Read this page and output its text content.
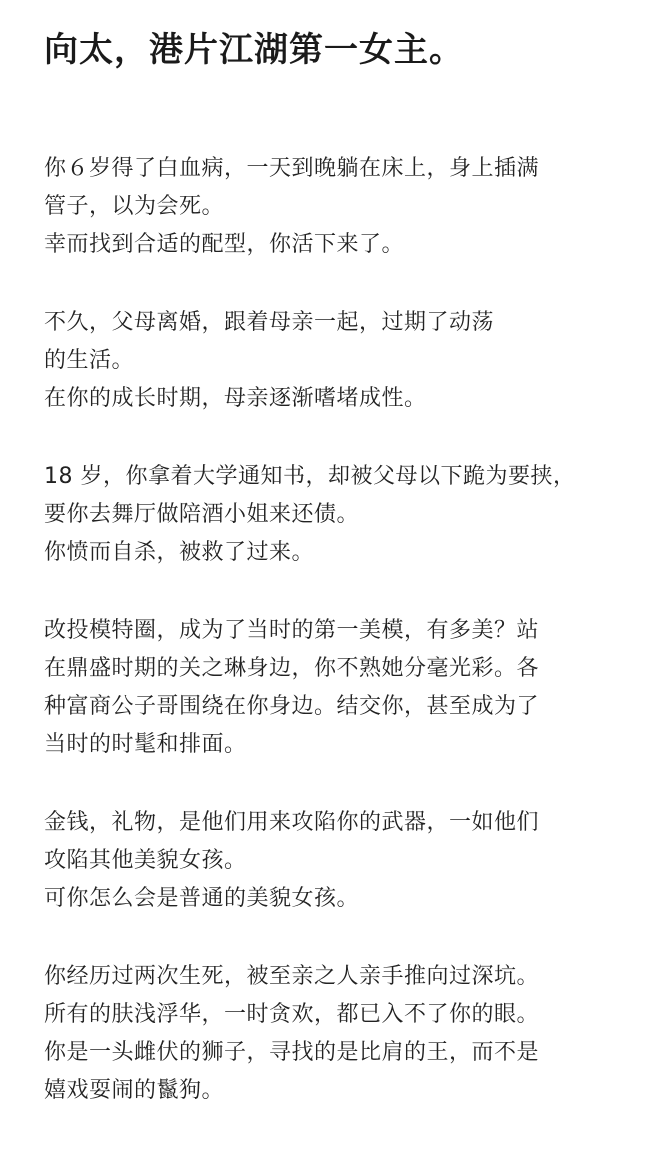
向太，港片江湖第一女主。
你６岁得了白血病，一天到晚躺在床上，身上插满
管子，以为会死。
幸而找到合适的配型，你活下来了。
不久，父母离婚，跟着母亲一起，过期了动荡
的生活。
在你的成长时期，母亲逐渐嗜堵成性。
18 岁，你拿着大学通知书，却被父母以下跪为要挟，
要你去舞厅做陪酒小姐来还债。
你愤而自杀，被救了过来。
改投模特圈，成为了当时的第一美模，有多美？站
在鼎盛时期的关之琳身边，你不熟她分毫光彩。各
种富商公子哥围绕在你身边。结交你，甚至成为了
当时的时髦和排面。
金钱，礼物，是他们用来攻陷你的武器，一如他们
攻陷其他美貌女孩。
可你怎么会是普通的美貌女孩。
你经历过两次生死，被至亲之人亲手推向过深坑。
所有的肤浅浮华，一时贪欢，都已入不了你的眼。
你是一头雌伏的狮子，寻找的是比肩的王，而不是
嬉戏耍闹的鬣狗。
